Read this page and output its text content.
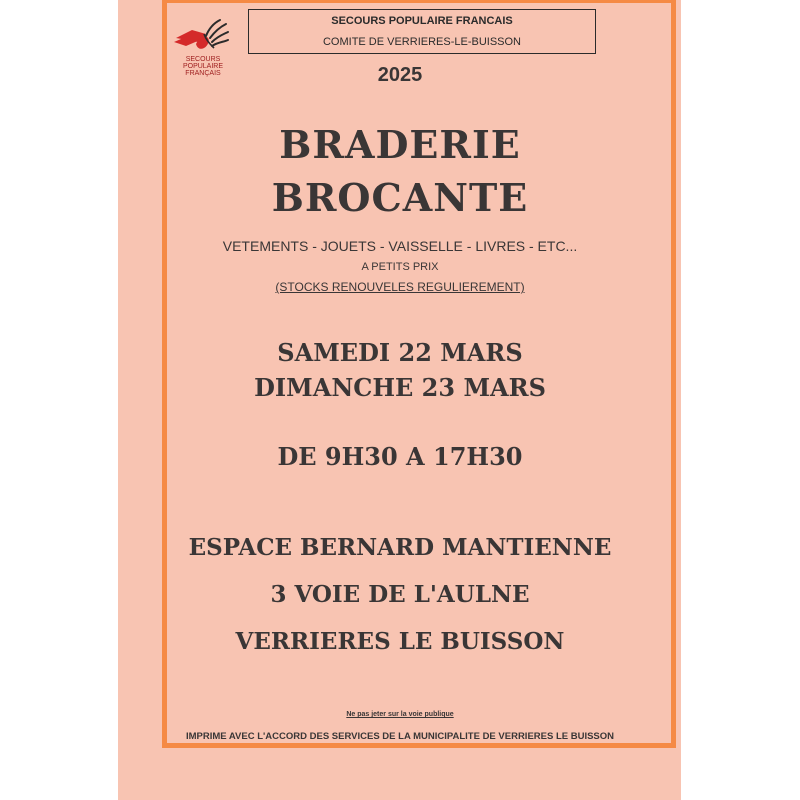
SECOURS
POPULAIRE
FRANÇAIS
SECOURS POPULAIRE FRANCAIS
COMITE DE VERRIERES-LE-BUISSON
2025
BRADERIE
BROCANTE
VETEMENTS - JOUETS - VAISSELLE - LIVRES - ETC...
A PETITS PRIX
(STOCKS RENOUVELES REGULIEREMENT)
SAMEDI 22 MARS
DIMANCHE 23 MARS
DE 9H30 A 17H30
ESPACE BERNARD MANTIENNE
3 VOIE DE L'AULNE
VERRIERES LE BUISSON
Ne pas jeter sur la voie publique
IMPRIME AVEC L'ACCORD DES SERVICES DE LA MUNICIPALITE DE VERRIERES LE BUISSON
